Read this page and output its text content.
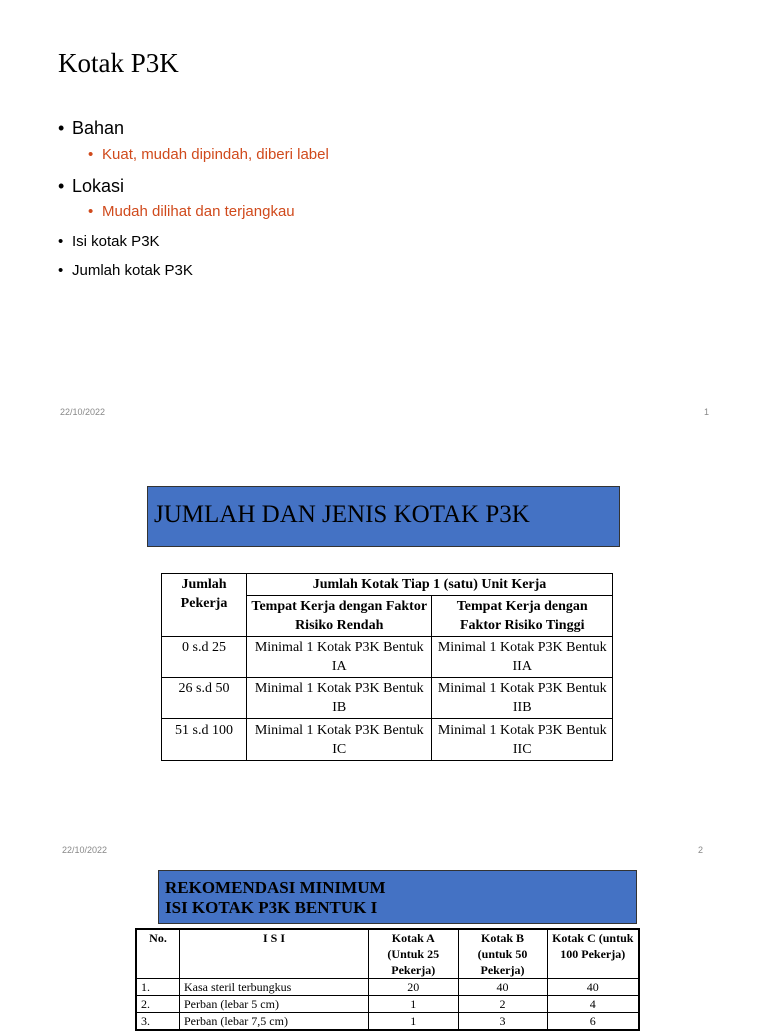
Kotak P3K
• Bahan
• Kuat, mudah dipindah, diberi label
• Lokasi
• Mudah dilihat dan terjangkau
• Isi kotak P3K
• Jumlah kotak P3K
22/10/2022	1
JUMLAH DAN JENIS KOTAK P3K
Jumlah Pekerja	Jumlah Kotak Tiap 1 (satu) Unit Kerja	
	Tempat Kerja dengan Faktor Risiko Rendah	Tempat Kerja dengan Faktor Risiko Tinggi
0 s.d 25	Minimal 1 Kotak P3K Bentuk IA	Minimal 1 Kotak P3K Bentuk IIA
26 s.d 50	Minimal 1 Kotak P3K Bentuk IB	Minimal 1 Kotak P3K Bentuk IIB
51 s.d 100	Minimal 1 Kotak P3K Bentuk IC	Minimal 1 Kotak P3K Bentuk IIC
22/10/2022	2
REKOMENDASI MINIMUM
ISI KOTAK P3K BENTUK I
No.	I S I	Kotak A (Untuk 25 Pekerja)	Kotak B (untuk 50 Pekerja)	Kotak C (untuk 100 Pekerja)
1.	Kasa steril terbungkus	20	40	40
2.	Perban (lebar 5 cm)	1	2	4
3.	Perban (lebar 7,5 cm)	1	3	6
